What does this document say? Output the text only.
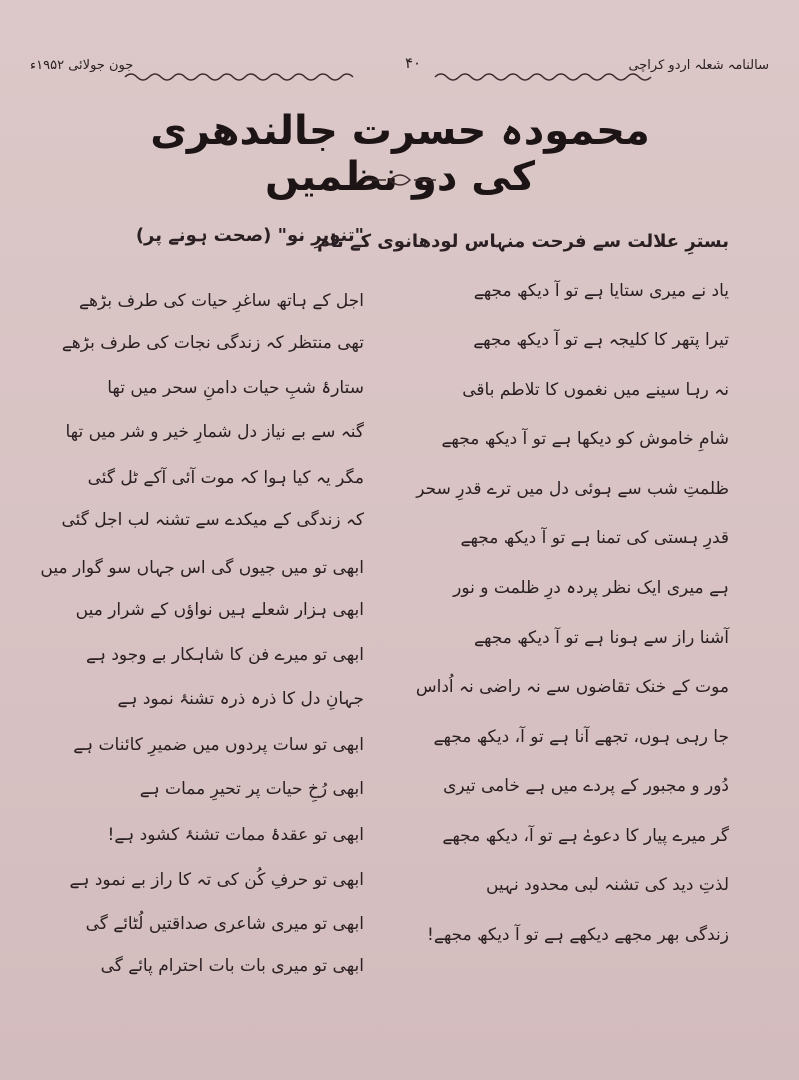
سالنامہ شعلہ اردو کراچی
۴۰
جون جولائی ۱۹۵۲ء
محمودہ حسرت جالندھری کی دو نظمیں
بسترِ علالت سے فرحت منہاس لودھانوی کے نام
یاد نے میری ستایا ہے تو آ دیکھ مجھے
تیرا پتھر کا کلیجہ ہے تو آ دیکھ مجھے
نہ رہا سینے میں نغموں کا تلاطم باقی
شامِ خاموش کو دیکھا ہے تو آ دیکھ مجھے
ظلمتِ شب سے ہوئی دل میں ترے قدرِ سحر
قدرِ ہستی کی تمنا ہے تو آ دیکھ مجھے
ہے میری ایک نظر پردہ درِ ظلمت و نور
آشنا راز سے ہونا ہے تو آ دیکھ مجھے
موت کے خنک تقاضوں سے نہ راضی نہ اُداس
جا رہی ہوں، تجھے آنا ہے تو آ، دیکھ مجھے
دُور و مجبور کے پردے میں ہے خامی تیری
گر میرے پیار کا دعوےٰ ہے تو آ، دیکھ مجھے
لذتِ دید کی تشنہ لبی محدود نہیں
زندگی بھر مجھے دیکھے ہے تو آ دیکھ مجھے!
"تنویرِ نو" (صحت ہونے پر)
اجل کے ہاتھ ساغرِ حیات کی طرف بڑھے
تھی منتظر کہ زندگی نجات کی طرف بڑھے
ستارۂ شبِ حیات دامنِ سحر میں تھا
گنہ سے بے نیاز دل شمارِ خیر و شر میں تھا
مگر یہ کیا ہوا کہ موت آئی آکے ٹل گئی
کہ زندگی کے میکدے سے تشنہ لب اجل گئی
ابھی تو میں جیوں گی اس جہاں سو گوار میں
ابھی ہزار شعلے ہیں نواؤں کے شرار میں
ابھی تو میرے فن کا شاہکار بے وجود ہے
جہانِ دل کا ذرہ ذرہ تشنۂ نمود ہے
ابھی تو سات پردوں میں ضمیرِ کائنات ہے
ابھی رُخِ حیات پر تحیرِ ممات ہے
ابھی تو عقدۂ ممات تشنۂ کشود ہے!
ابھی تو حرفِ کُن کی تہ کا راز بے نمود ہے
ابھی تو میری شاعری صداقتیں لُٹائے گی
ابھی تو میری بات بات احترام پائے گی
